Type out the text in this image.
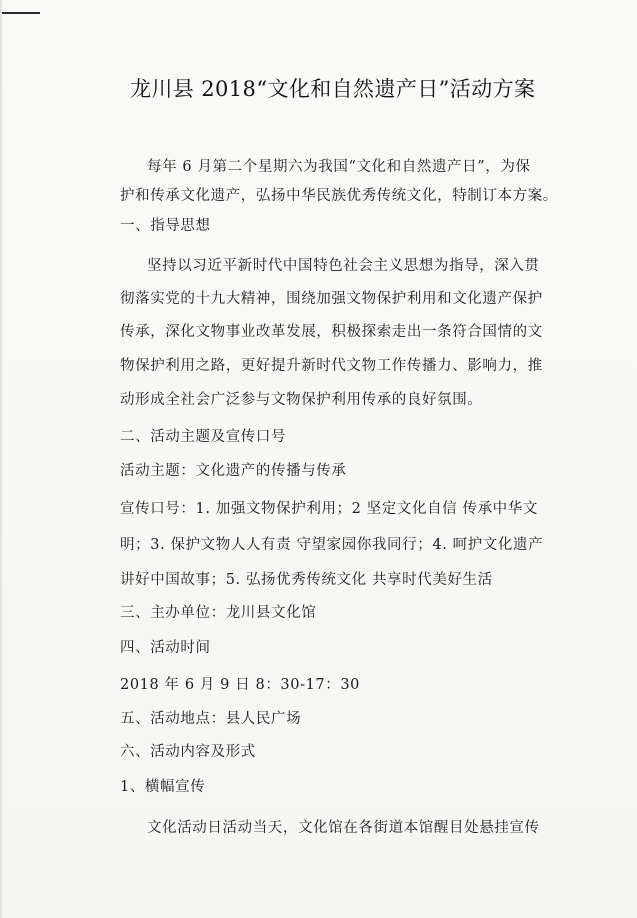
龙川县 2018“文化和自然遗产日”活动方案
每年 6 月第二个星期六为我国“文化和自然遗产日”，为保
护和传承文化遗产，弘扬中华民族优秀传统文化，特制订本方案。
一、指导思想
坚持以习近平新时代中国特色社会主义思想为指导，深入贯
彻落实党的十九大精神，围绕加强文物保护利用和文化遗产保护
传承，深化文物事业改革发展，积极探索走出一条符合国情的文
物保护利用之路，更好提升新时代文物工作传播力、影响力，推
动形成全社会广泛参与文物保护利用传承的良好氛围。
二、活动主题及宣传口号
活动主题：文化遗产的传播与传承
宣传口号：1. 加强文物保护利用；2 坚定文化自信 传承中华文
明；3. 保护文物人人有责 守望家园你我同行；4. 呵护文化遗产
讲好中国故事；5. 弘扬优秀传统文化 共享时代美好生活
三、主办单位：龙川县文化馆
四、活动时间
2018 年 6 月 9 日 8：30-17：30
五、活动地点：县人民广场
六、活动内容及形式
1、横幅宣传
文化活动日活动当天，文化馆在各街道本馆醒目处悬挂宣传
